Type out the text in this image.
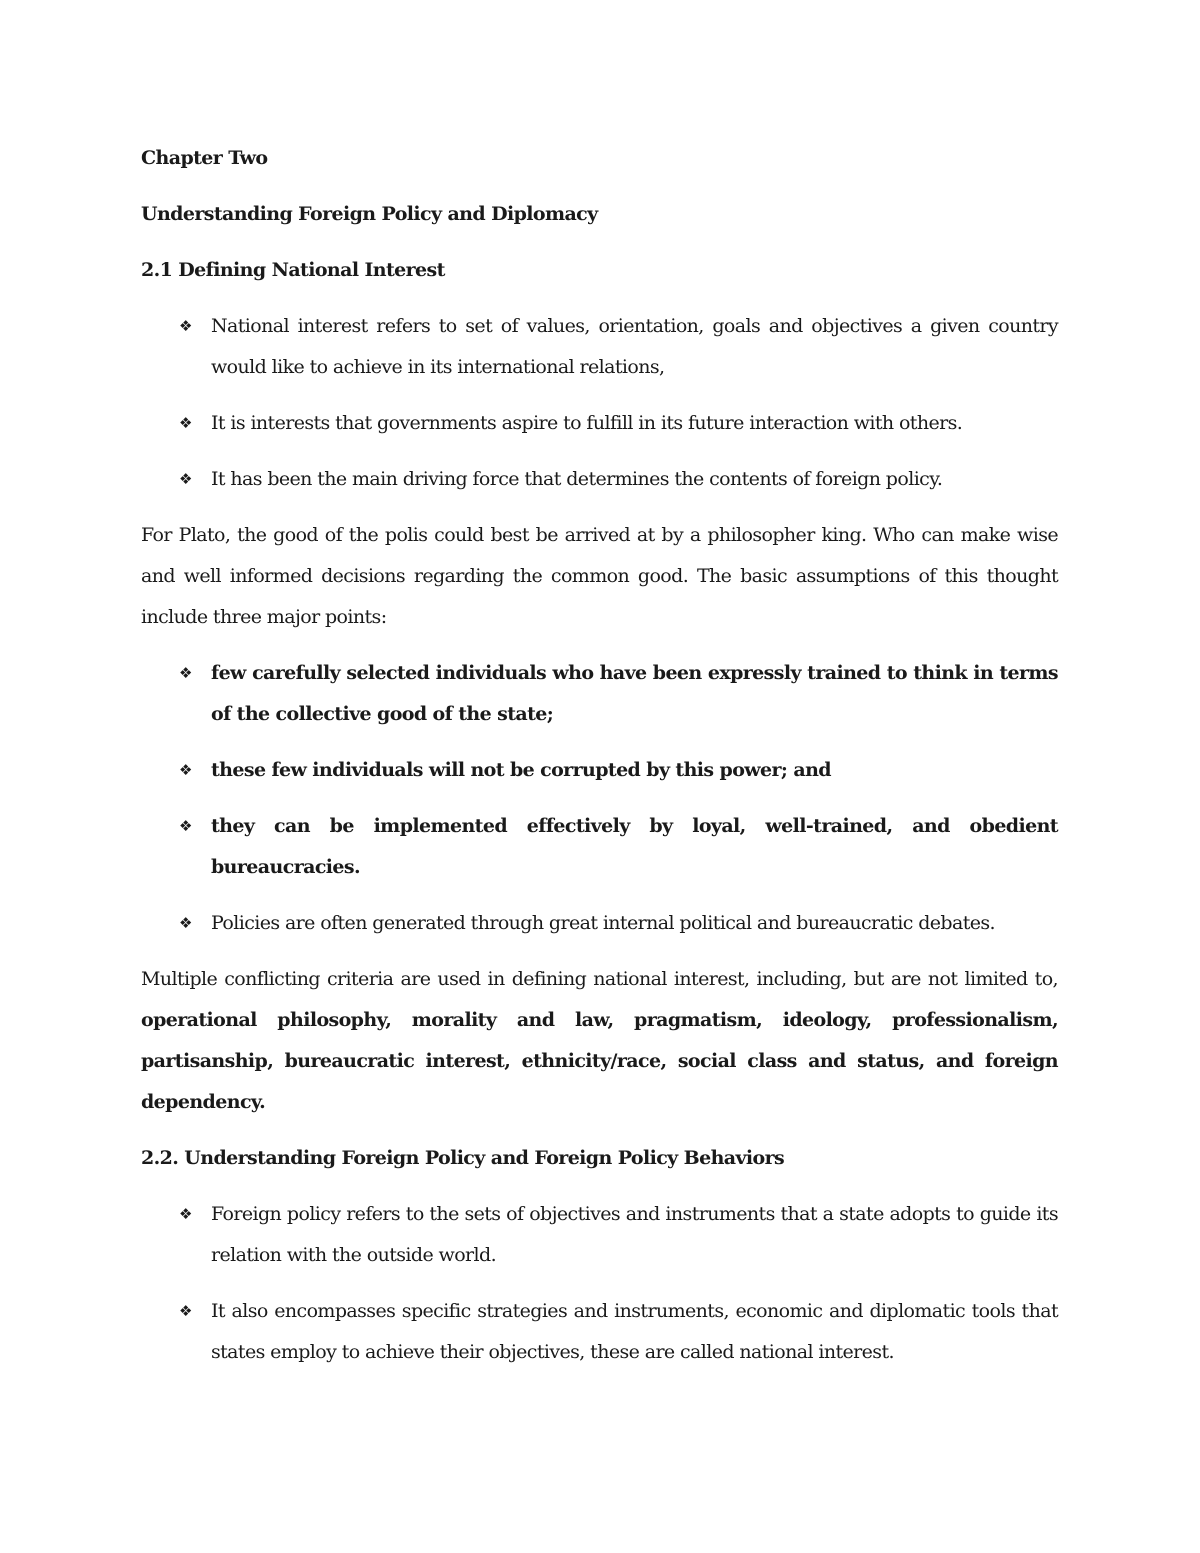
Chapter Two
Understanding Foreign Policy and Diplomacy
2.1 Defining National Interest
❖	National interest refers to set of values, orientation, goals and objectives a given country would like to achieve in its international relations,
❖	It is interests that governments aspire to fulfill in its future interaction with others.
❖	It has been the main driving force that determines the contents of foreign policy.

For Plato, the good of the polis could best be arrived at by a philosopher king. Who can make wise and well informed decisions regarding the common good. The basic assumptions of this thought include three major points:

❖	few carefully selected individuals who have been expressly trained to think in terms of the collective good of the state;
❖	these few individuals will not be corrupted by this power; and
❖	they can be implemented effectively by loyal, well-trained, and obedient bureaucracies.
❖	Policies are often generated through great internal political and bureaucratic debates.

Multiple conflicting criteria are used in defining national interest, including, but are not limited to, operational philosophy, morality and law, pragmatism, ideology, professionalism, partisanship, bureaucratic interest, ethnicity/race, social class and status, and foreign dependency.

2.2. Understanding Foreign Policy and Foreign Policy Behaviors
❖	Foreign policy refers to the sets of objectives and instruments that a state adopts to guide its relation with the outside world.
❖	It also encompasses specific strategies and instruments, economic and diplomatic tools that states employ to achieve their objectives, these are called national interest.
